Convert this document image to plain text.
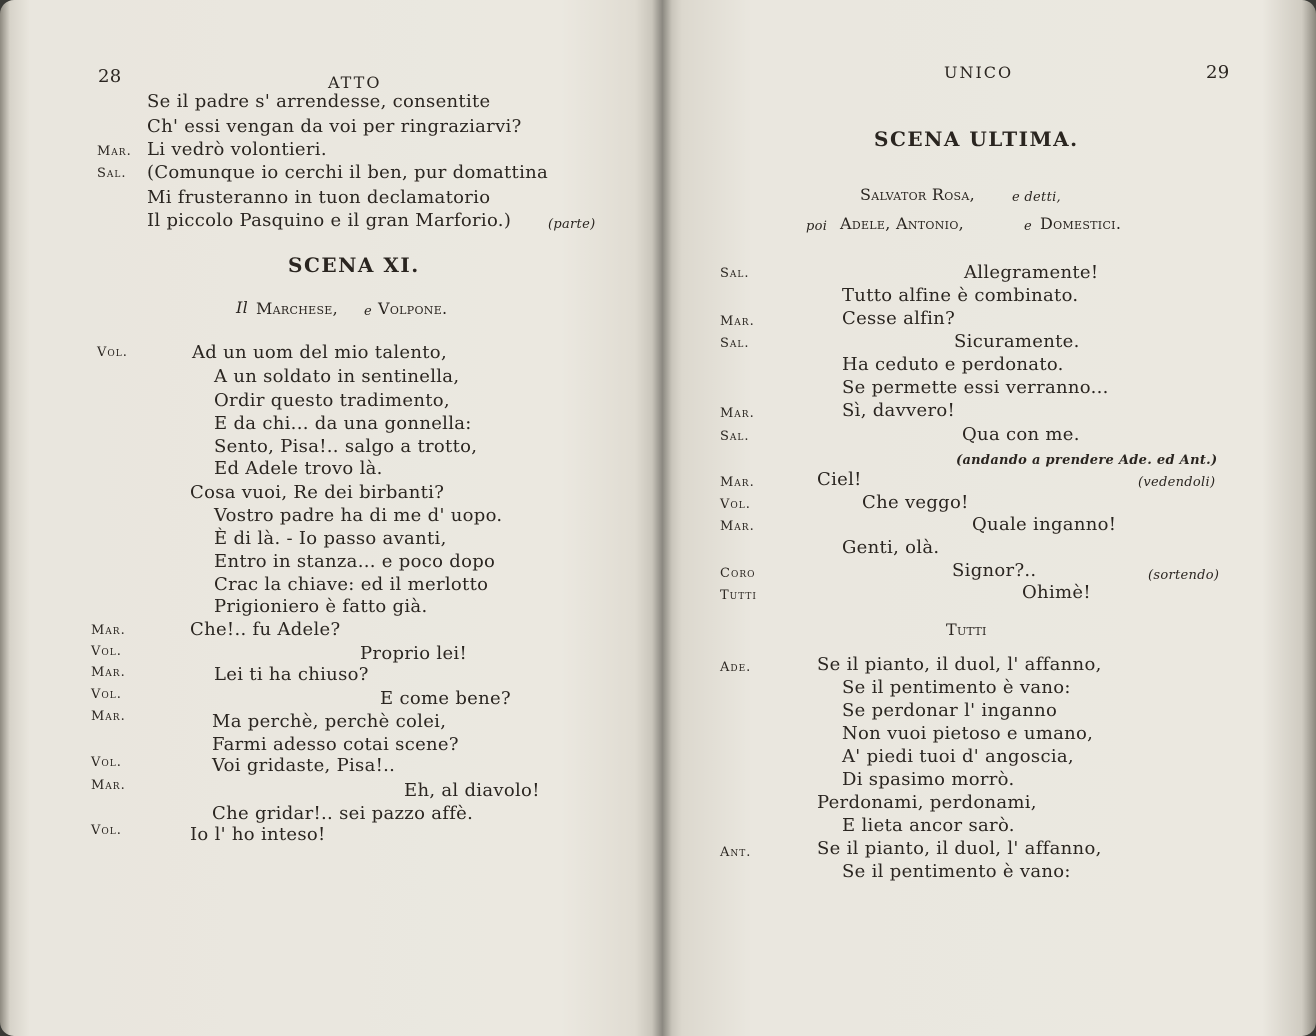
28	ATTO
Se il padre s' arrendesse, consentite
Ch' essi vengan da voi per ringraziarvi?
Mar. Li vedrò volontieri.
Sal. (Comunque io cerchi il ben, pur domattina
Mi frusteranno in tuon declamatorio
Il piccolo Pasquino e il gran Marforio.)	(parte)
SCENA XI.
Il Marchese, e Volpone.
Vol.	Ad un uom del mio talento,
A un soldato in sentinella,
Ordir questo tradimento,
E da chi... da una gonnella:
Sento, Pisa!.. salgo a trotto,
Ed Adele trovo là.
Cosa vuoi, Re dei birbanti?
Vostro padre ha di me d' uopo.
È di là. - Io passo avanti,
Entro in stanza... e poco dopo
Crac la chiave: ed il merlotto
Prigioniero è fatto già.
Mar.	Che!.. fu Adele?
Vol.	Proprio lei!
Mar.	Lei ti ha chiuso?
Vol.	E come bene?
Mar.	Ma perchè, perchè colei,
Farmi adesso cotai scene?
Vol.	Voi gridaste, Pisa!..
Mar.	Eh, al diavolo!
Che gridar!.. sei pazzo affè.
Vol.	Io l' ho inteso!
UNICO	29
SCENA ULTIMA.
Salvator Rosa,	e detti,
poi Adele, Antonio,	e Domestici.
Sal.	Allegramente!
Tutto alfine è combinato.
Mar.	Cesse alfin?
Sal.	Sicuramente.
Ha ceduto e perdonato.
Se permette essi verranno...
Mar.	Sì, davvero!
Sal.	Qua con me.
(andando a prendere Ade. ed Ant.)
Mar.	Ciel!	(vedendoli)
Vol.	Che veggo!
Mar.	Quale inganno!
Genti, olà.
Coro	Signor?..	(sortendo)
Tutti	Ohimè!
Tutti
Ade.	Se il pianto, il duol, l' affanno,
Se il pentimento è vano:
Se perdonar l' inganno
Non vuoi pietoso e umano,
A' piedi tuoi d' angoscia,
Di spasimo morrò.
Perdonami, perdonami,
E lieta ancor sarò.
Ant.	Se il pianto, il duol, l' affanno,
Se il pentimento è vano:
